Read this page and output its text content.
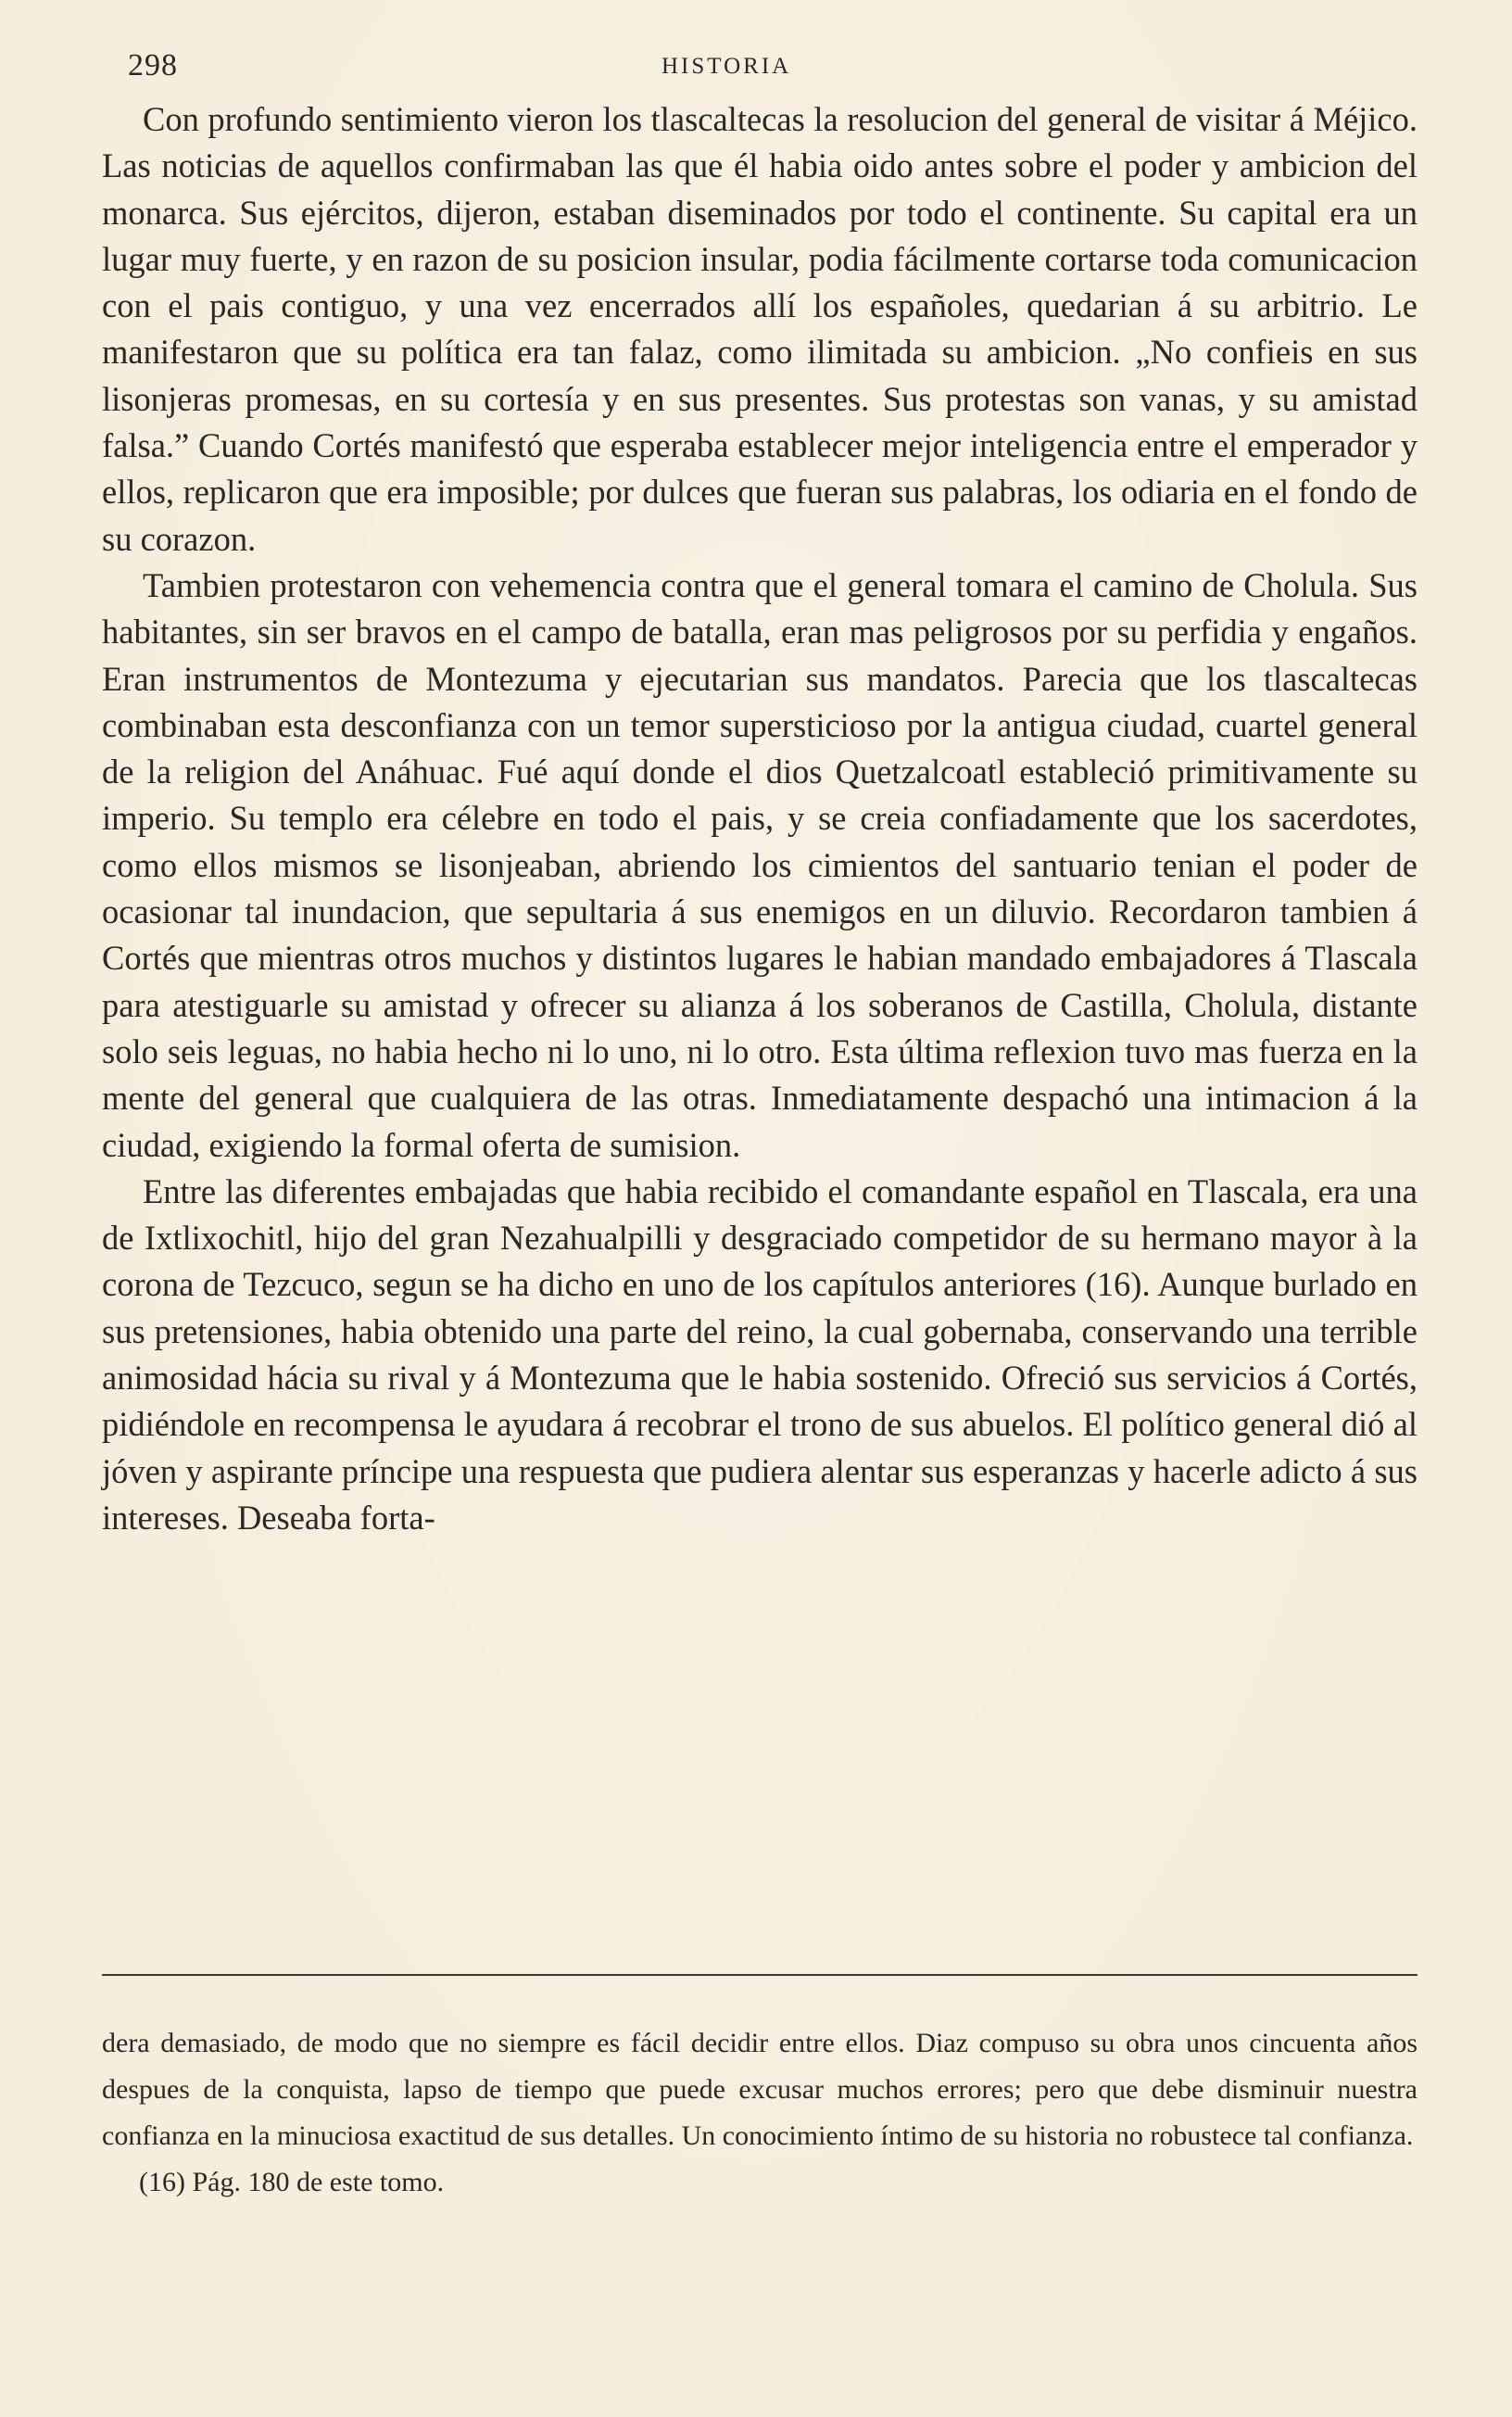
298	HISTORIA

Con profundo sentimiento vieron los tlascaltecas la resolucion del general de visitar á Méjico. Las noticias de aquellos confirmaban las que él habia oido antes sobre el poder y ambicion del monarca. Sus ejércitos, dijeron, estaban diseminados por todo el continente. Su capital era un lugar muy fuerte, y en razon de su posicion insular, podia fácilmente cortarse toda comunicacion con el pais contiguo, y una vez encerrados allí los españoles, quedarian á su arbitrio. Le manifestaron que su política era tan falaz, como ilimitada su ambicion. „No confieis en sus lisonjeras promesas, en su cortesía y en sus presentes. Sus protestas son vanas, y su amistad falsa.” Cuando Cortés manifestó que esperaba establecer mejor inteligencia entre el emperador y ellos, replicaron que era imposible; por dulces que fueran sus palabras, los odiaria en el fondo de su corazon.

Tambien protestaron con vehemencia contra que el general tomara el camino de Cholula. Sus habitantes, sin ser bravos en el campo de batalla, eran mas peligrosos por su perfidia y engaños. Eran instrumentos de Montezuma y ejecutarian sus mandatos. Parecia que los tlascaltecas combinaban esta desconfianza con un temor supersticioso por la antigua ciudad, cuartel general de la religion del Anáhuac. Fué aquí donde el dios Quetzalcoatl estableció primitivamente su imperio. Su templo era célebre en todo el pais, y se creia confiadamente que los sacerdotes, como ellos mismos se lisonjeaban, abriendo los cimientos del santuario tenian el poder de ocasionar tal inundacion, que sepultaria á sus enemigos en un diluvio. Recordaron tambien á Cortés que mientras otros muchos y distintos lugares le habian mandado embajadores á Tlascala para atestiguarle su amistad y ofrecer su alianza á los soberanos de Castilla, Cholula, distante solo seis leguas, no habia hecho ni lo uno, ni lo otro. Esta última reflexion tuvo mas fuerza en la mente del general que cualquiera de las otras. Inmediatamente despachó una intimacion á la ciudad, exigiendo la formal oferta de sumision.

Entre las diferentes embajadas que habia recibido el comandante español en Tlascala, era una de Ixtlixochitl, hijo del gran Nezahualpilli y desgraciado competidor de su hermano mayor à la corona de Tezcuco, segun se ha dicho en uno de los capítulos anteriores (16). Aunque burlado en sus pretensiones, habia obtenido una parte del reino, la cual gobernaba, conservando una terrible animosidad hácia su rival y á Montezuma que le habia sostenido. Ofreció sus servicios á Cortés, pidiéndole en recompensa le ayudara á recobrar el trono de sus abuelos. El político general dió al jóven y aspirante príncipe una respuesta que pudiera alentar sus esperanzas y hacerle adicto á sus intereses. Deseaba forta-

dera demasiado, de modo que no siempre es fácil decidir entre ellos. Diaz compuso su obra unos cincuenta años despues de la conquista, lapso de tiempo que puede excusar muchos errores; pero que debe disminuir nuestra confianza en la minuciosa exactitud de sus detalles. Un conocimiento íntimo de su historia no robustece tal confianza.

(16) Pág. 180 de este tomo.
